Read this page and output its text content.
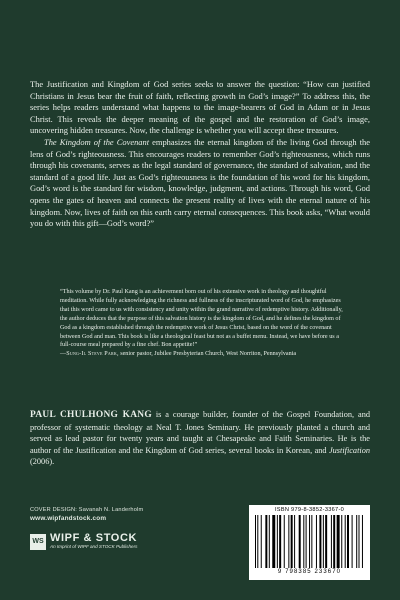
The Justification and Kingdom of God series seeks to answer the question: “How can justified Christians in Jesus bear the fruit of faith, reflecting growth in God’s image?” To address this, the series helps readers understand what happens to the image-bearers of God in Adam or in Jesus Christ. This reveals the deeper meaning of the gospel and the restoration of God’s image, uncovering hidden treasures. Now, the challenge is whether you will accept these treasures.
The Kingdom of the Covenant emphasizes the eternal kingdom of the living God through the lens of God’s righteousness. This encourages readers to remember God’s righteousness, which runs through his covenants, serves as the legal standard of governance, the standard of salvation, and the standard of a good life. Just as God’s righteousness is the foundation of his word for his kingdom, God’s word is the standard for wisdom, knowledge, judgment, and actions. Through his word, God opens the gates of heaven and connects the present reality of lives with the eternal nature of his kingdom. Now, lives of faith on this earth carry eternal consequences. This book asks, “What would you do with this gift—God’s word?”

“This volume by Dr. Paul Kang is an achievement born out of his extensive work in theology and thoughtful meditation. While fully acknowledging the richness and fullness of the inscripturated word of God, he emphasizes that this word came to us with consistency and unity within the grand narrative of redemptive history. Additionally, the author deduces that the purpose of this salvation history is the kingdom of God, and he defines the kingdom of God as a kingdom established through the redemptive work of Jesus Christ, based on the word of the covenant between God and man. This book is like a theological feast but not as a buffet menu. Instead, we have before us a full-course meal prepared by a fine chef. Bon appetite!”

—Sung-Il Steve Park, senior pastor, Jubilee Presbyterian Church, West Norriton, Pennsylvania

PAUL CHULHONG KANG is a courage builder, founder of the Gospel Foundation, and professor of systematic theology at Neal T. Jones Seminary. He previously planted a church and served as lead pastor for twenty years and taught at Chesapeake and Faith Seminaries. He is the author of the Justification and the Kingdom of God series, several books in Korean, and Justification (2006).

COVER DESIGN: Savanah N. Landerholm
www.wipfandstock.com
WS WIPF & STOCK
An Imprint of WIPF and STOCK Publishers
ISBN 979-8-3852-3367-0
9 798385 233670
